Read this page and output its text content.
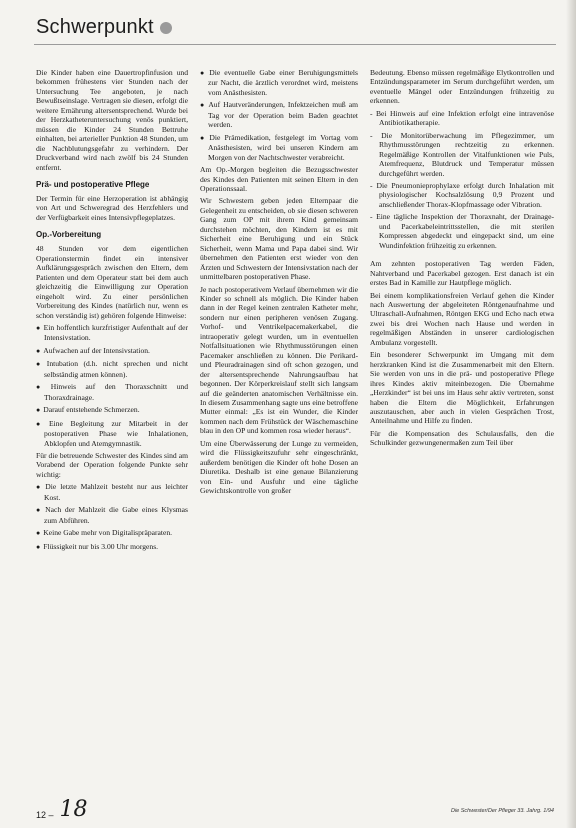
Schwerpunkt

Die Kinder haben eine Dauertropfinfusion und bekommen frühestens vier Stunden nach der Untersuchung Tee angeboten, je nach Bewußtseinslage. Vertragen sie diesen, erfolgt die weitere Ernährung altersentsprechend. Wurde bei der Herzkatheteruntersuchung venös punktiert, müssen die Kinder 24 Stunden Bettruhe einhalten, bei arterieller Punktion 48 Stunden, um die Nachblutungsgefahr zu verhindern. Der Druckverband wird nach zwölf bis 24 Stunden entfernt.

Prä- und postoperative Pflege

Der Termin für eine Herzoperation ist abhängig von Art und Schweregrad des Herzfehlers und der Verfügbarkeit eines Intensivpflegeplatzes.

Op.-Vorbereitung

48 Stunden vor dem eigentlichen Operationstermin findet ein intensiver Aufklärungsgespräch zwischen den Eltern, dem Patienten und dem Operateur statt bei dem auch gleichzeitig die Einwilligung zur Operation eingeholt wird. Zu einer persönlichen Vorbereitung des Kindes (natürlich nur, wenn es schon verständig ist) gehören folgende Hinweise:

● Ein hoffentlich kurzfristiger Aufenthalt auf der Intensivstation.

● Aufwachen auf der Intensivstation.

● Intubation (d.h. nicht sprechen und nicht selbständig atmen können).

● Hinweis auf den Thoraxschnitt und Thoraxdrainage.

● Darauf entstehende Schmerzen.

● Eine Begleitung zur Mitarbeit in der postoperativen Phase wie Inhalationen, Abklopfen und Atemgymnastik.

Für die betreuende Schwester des Kindes sind am Vorabend der Operation folgende Punkte sehr wichtig:

● Die letzte Mahlzeit besteht nur aus leichter Kost.

● Nach der Mahlzeit die Gabe eines Klysmas zum Abführen.

● Keine Gabe mehr von Digitalispräparaten.

● Flüssigkeit nur bis 3.00 Uhr morgens.

● Die eventuelle Gabe einer Beruhigungsmittels zur Nacht, die ärztlich verordnet wird, meistens vom Anästhesisten.

● Auf Hautveränderungen, Infektzeichen muß am Tag vor der Operation beim Baden geachtet werden.

● Die Prämedikation, festgelegt im Vortag vom Anästhesisten, wird bei unseren Kindern am Morgen von der Nachtschwester verabreicht.

Am Op.-Morgen begleiten die Bezugsschwester des Kindes den Patienten mit seinen Eltern in den Operationssaal.

Wir Schwestern geben jeden Elternpaar die Gelegenheit zu entscheiden, ob sie diesen schweren Gang zum OP mit ihrem Kind gemeinsam durchstehen möchten, den Kindern ist es mit Sicherheit eine Beruhigung und ein Stück Sicherheit, wenn Mama und Papa dabei sind. Wir übernehmen den Patienten erst wieder von den Ärzten und Schwestern der Intensivstation nach der unmittelbaren postoperativen Phase.

Je nach postoperativem Verlauf übernehmen wir die Kinder so schnell als möglich. Die Kinder haben dann in der Regel keinen zentralen Katheter mehr, sondern nur einen peripheren venösen Zugang. Vorhof- und Ventrikelpacemakerkabel, die intraoperativ gelegt wurden, um in eventuellen Notfallsituationen wie Rhythmusstörungen einen Pacemaker anschließen zu können. Die Perikard- und Pleuradrainagen sind oft schon gezogen, und der altersentsprechende Nahrungsaufbau hat begonnen. Der Körperkreislauf stellt sich langsam auf die geänderten anatomischen Verhältnisse ein. In diesem Zusammenhang sagte uns eine betroffene Mutter einmal: „Es ist ein Wunder, die Kinder kommen nach dem Frühstück der Wäschemaschine blau in den OP und kommen rosa wieder heraus“.

Um eine Überwässerung der Lunge zu vermeiden, wird die Flüssigkeitszufuhr sehr eingeschränkt, außerdem benötigen die Kinder oft hohe Dosen an Diuretika. Deshalb ist eine genaue Bilanzierung von Ein- und Ausfuhr und eine tägliche Gewichtskontrolle von großer

Bedeutung. Ebenso müssen regelmäßige Elytkontrollen und Entzündungsparameter im Serum durchgeführt werden, um eventuelle Mängel oder Entzündungen frühzeitig zu erkennen.

- Bei Hinweis auf eine Infektion erfolgt eine intravenöse Antibiotikatherapie.

- Die Monitorüberwachung im Pflegezimmer, um Rhythmusstörungen rechtzeitig zu erkennen. Regelmäßige Kontrollen der Vitalfunktionen wie Puls, Atemfrequenz, Blutdruck und Temperatur müssen durchgeführt werden.

- Die Pneumonieprophylaxe erfolgt durch Inhalation mit physiologischer Kochsalzlösung 0,9 Prozent und anschließender Thorax-Klopfmassage oder Vibration.

- Eine tägliche Inspektion der Thoraxnaht, der Drainage- und Pacerkabeleintrittsstellen, die mit sterilen Kompressen abgedeckt und eingepackt sind, um eine Wundinfektion frühzeitig zu erkennen.

Am zehnten postoperativen Tag werden Fäden, Nahtverband und Pacerkabel gezogen. Erst danach ist ein erstes Bad in Kamille zur Hautpflege möglich.

Bei einem komplikationsfreien Verlauf gehen die Kinder nach Auswertung der abgeleiteten Röntgenaufnahme und Ultraschall-Aufnahmen, Röntgen EKG und Echo nach etwa zwei bis drei Wochen nach Hause und werden in regelmäßigen Abständen in unserer cardiologischen Ambulanz vorgestellt.

Ein besonderer Schwerpunkt im Umgang mit dem herzkranken Kind ist die Zusammenarbeit mit den Eltern. Sie werden von uns in die prä- und postoperative Pflege ihres Kindes aktiv miteinbezogen. Die Übernahme „Herzkinder“ ist bei uns im Haus sehr aktiv vertreten, sonst haben die Eltern die Möglichkeit, Erfahrungen auszutauschen, aber auch in vielen Gesprächen Trost, Anteilnahme und Hilfe zu finden.

Für die Kompensation des Schulausfalls, den die Schulkinder gezwungenermaßen zum Teil über

12 – 18	Die Schwester/Der Pfleger 33. Jahrg. 1/94
